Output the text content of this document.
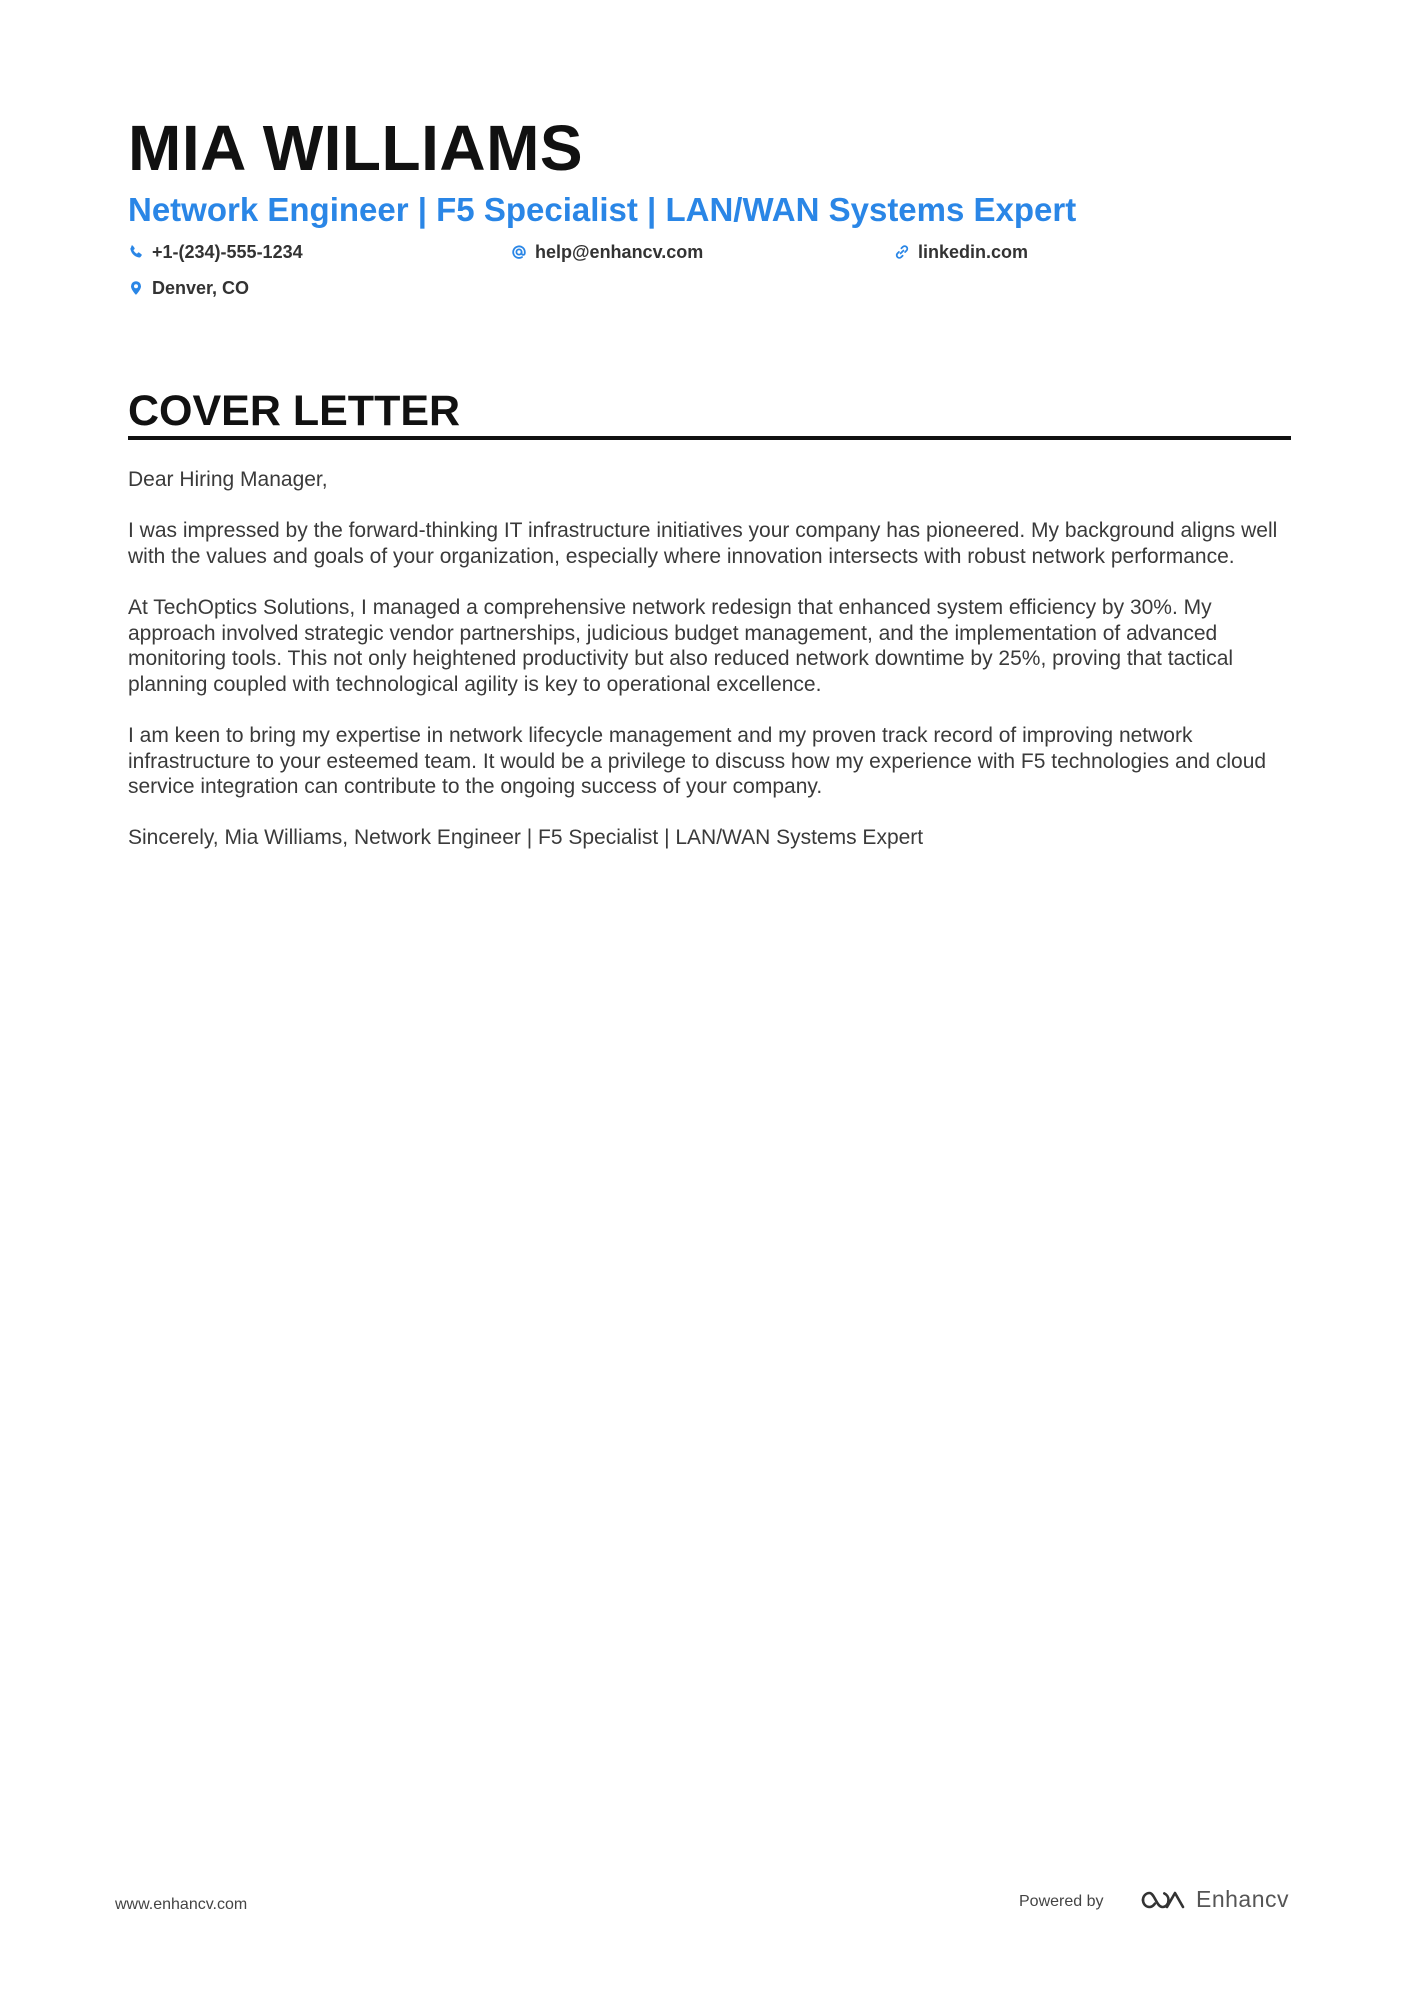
MIA WILLIAMS
Network Engineer | F5 Specialist | LAN/WAN Systems Expert
+1-(234)-555-1234	help@enhancv.com	linkedin.com
Denver, CO
COVER LETTER

Dear Hiring Manager,

I was impressed by the forward-thinking IT infrastructure initiatives your company has pioneered. My background aligns well with the values and goals of your organization, especially where innovation intersects with robust network performance.

At TechOptics Solutions, I managed a comprehensive network redesign that enhanced system efficiency by 30%. My approach involved strategic vendor partnerships, judicious budget management, and the implementation of advanced monitoring tools. This not only heightened productivity but also reduced network downtime by 25%, proving that tactical planning coupled with technological agility is key to operational excellence.

I am keen to bring my expertise in network lifecycle management and my proven track record of improving network infrastructure to your esteemed team. It would be a privilege to discuss how my experience with F5 technologies and cloud service integration can contribute to the ongoing success of your company.

Sincerely, Mia Williams, Network Engineer | F5 Specialist | LAN/WAN Systems Expert

www.enhancv.com	Powered by	Enhancv
